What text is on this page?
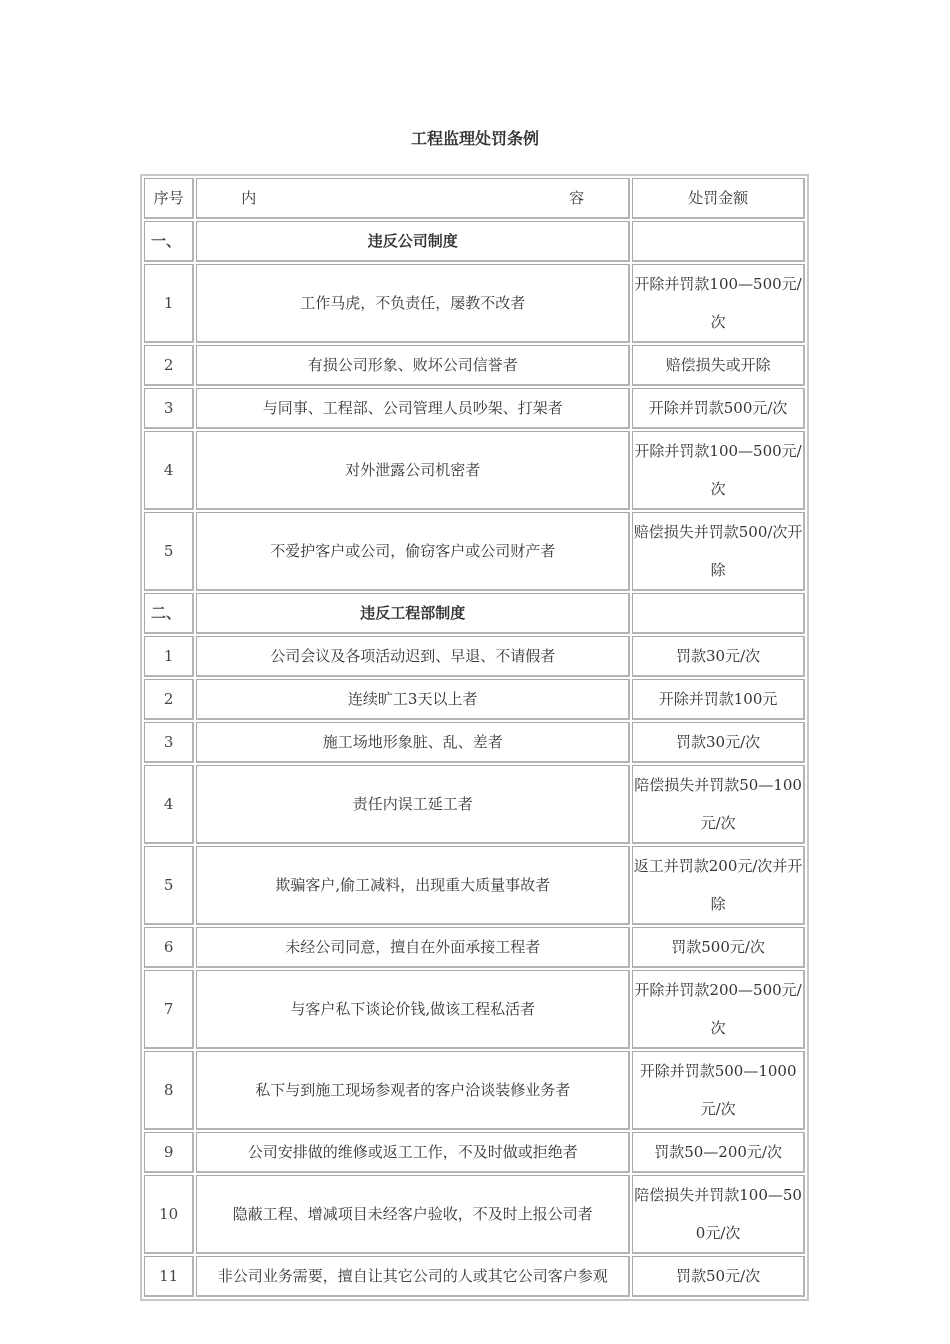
工程监理处罚条例
序号	内 容	处罚金额
一、	违反公司制度	
1	工作马虎，不负责任，屡教不改者	开除并罚款100—500元/次
2	有损公司形象、败坏公司信誉者	赔偿损失或开除
3	与同事、工程部、公司管理人员吵架、打架者	开除并罚款500元/次
4	对外泄露公司机密者	开除并罚款100—500元/次
5	不爱护客户或公司，偷窃客户或公司财产者	赔偿损失并罚款500/次开除
二、	违反工程部制度	
1	公司会议及各项活动迟到、早退、不请假者	罚款30元/次
2	连续旷工3天以上者	开除并罚款100元
3	施工场地形象脏、乱、差者	罚款30元/次
4	责任内误工延工者	陪偿损失并罚款50—100元/次
5	欺骗客户,偷工减料，出现重大质量事故者	返工并罚款200元/次并开除
6	未经公司同意，擅自在外面承接工程者	罚款500元/次
7	与客户私下谈论价钱,做该工程私活者	开除并罚款200—500元/次
8	私下与到施工现场参观者的客户洽谈装修业务者	开除并罚款500—1000元/次
9	公司安排做的维修或返工工作，不及时做或拒绝者	罚款50—200元/次
10	隐蔽工程、增减项目未经客户验收，不及时上报公司者	陪偿损失并罚款100—500元/次
11	非公司业务需要，擅自让其它公司的人或其它公司客户参观	罚款50元/次
